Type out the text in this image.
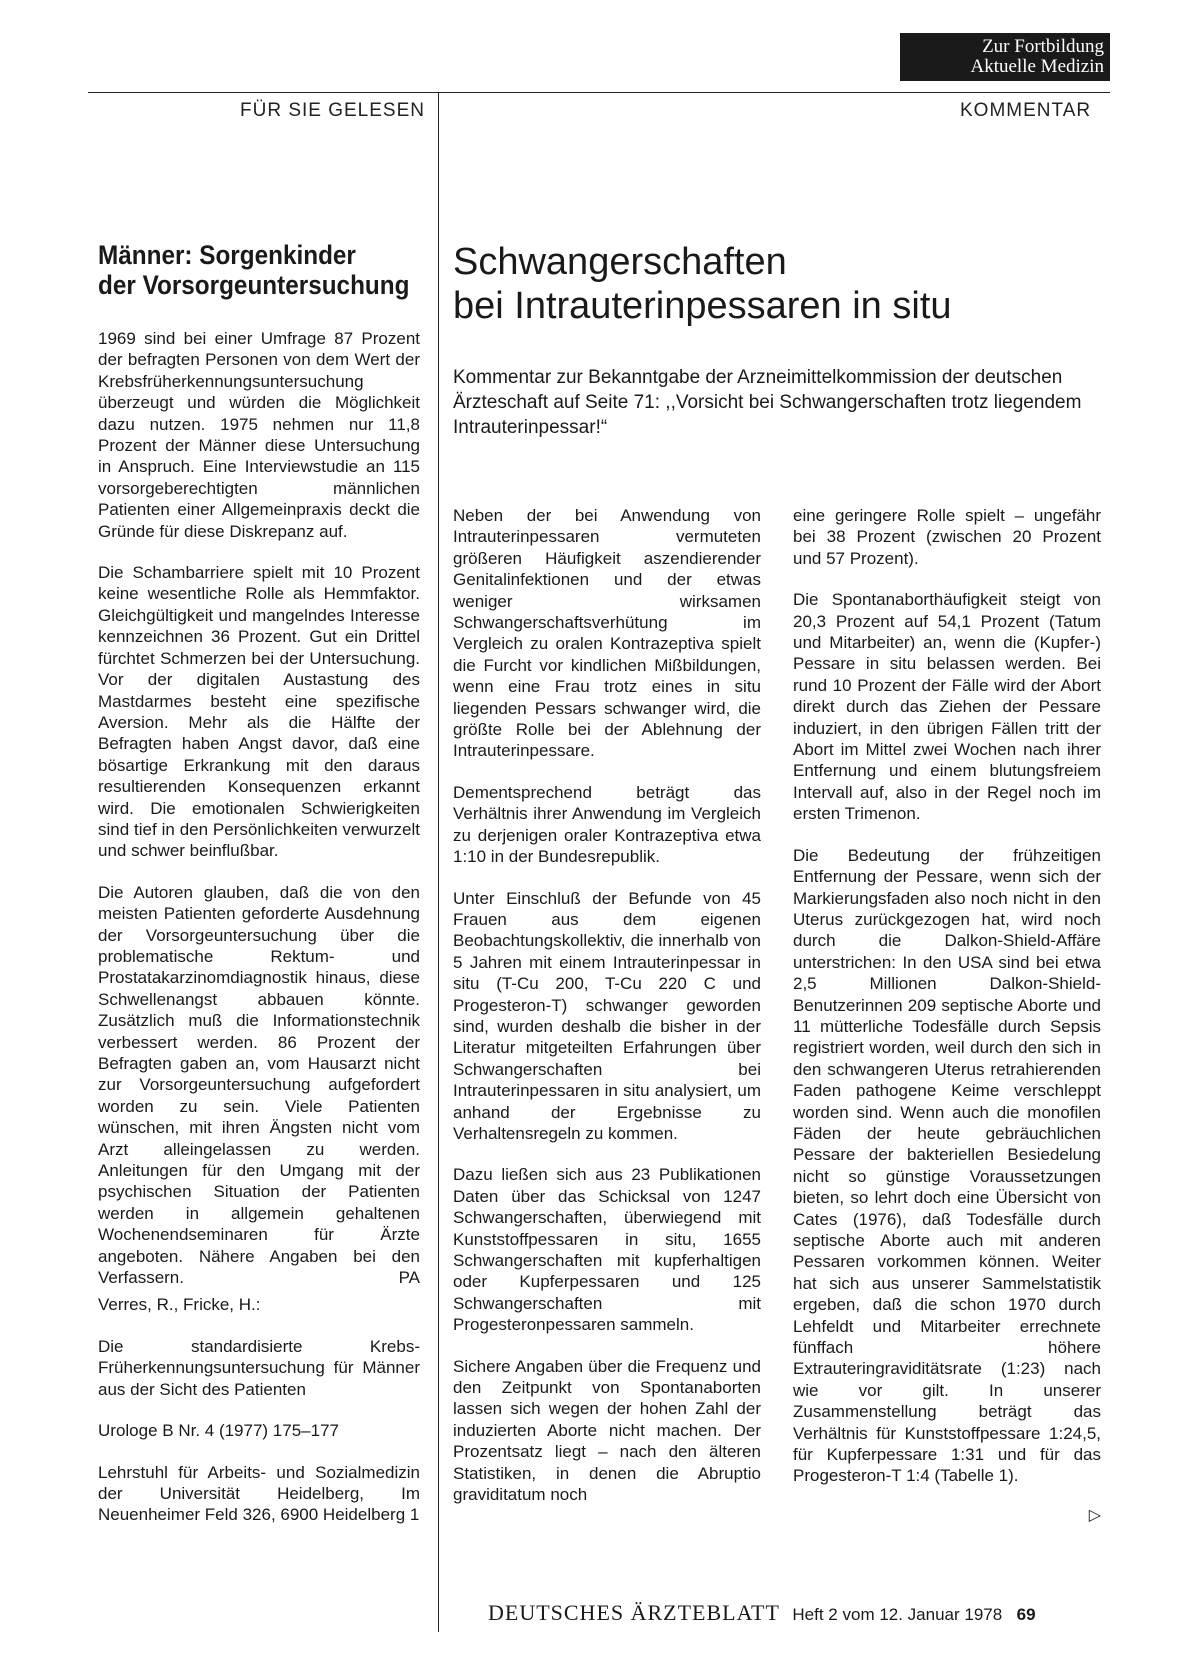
Zur Fortbildung
Aktuelle Medizin
FÜR SIE GELESEN	KOMMENTAR
Männer: Sorgenkinder
der Vorsorgeuntersuchung

1969 sind bei einer Umfrage 87 Prozent der befragten Personen von dem Wert der Krebsfrüherkennungsuntersuchung überzeugt und würden die Möglichkeit dazu nutzen. 1975 nehmen nur 11,8 Prozent der Männer diese Untersuchung in Anspruch. Eine Interviewstudie an 115 vorsorgeberechtigten männlichen Patienten einer Allgemeinpraxis deckt die Gründe für diese Diskrepanz auf.

Die Schambarriere spielt mit 10 Prozent keine wesentliche Rolle als Hemmfaktor. Gleichgültigkeit und mangelndes Interesse kennzeichnen 36 Prozent. Gut ein Drittel fürchtet Schmerzen bei der Untersuchung. Vor der digitalen Austastung des Mastdarmes besteht eine spezifische Aversion. Mehr als die Hälfte der Befragten haben Angst davor, daß eine bösartige Erkrankung mit den daraus resultierenden Konsequenzen erkannt wird. Die emotionalen Schwierigkeiten sind tief in den Persönlichkeiten verwurzelt und schwer beinflußbar.

Die Autoren glauben, daß die von den meisten Patienten geforderte Ausdehnung der Vorsorgeuntersuchung über die problematische Rektum- und Prostatakarzinomdiagnostik hinaus, diese Schwellenangst abbauen könnte. Zusätzlich muß die Informationstechnik verbessert werden. 86 Prozent der Befragten gaben an, vom Hausarzt nicht zur Vorsorgeuntersuchung aufgefordert worden zu sein. Viele Patienten wünschen, mit ihren Ängsten nicht vom Arzt alleingelassen zu werden. Anleitungen für den Umgang mit der psychischen Situation der Patienten werden in allgemein gehaltenen Wochenendseminaren für Ärzte angeboten. Nähere Angaben bei den Verfassern.	PA

Verres, R., Fricke, H.:

Die standardisierte Krebs-Früherkennungsuntersuchung für Männer aus der Sicht des Patienten

Urologe B Nr. 4 (1977) 175–177

Lehrstuhl für Arbeits- und Sozialmedizin der Universität Heidelberg, Im Neuenheimer Feld 326, 6900 Heidelberg 1

Schwangerschaften
bei Intrauterinpessaren in situ

Kommentar zur Bekanntgabe der Arzneimittelkommission der deutschen Ärzteschaft auf Seite 71: ,,Vorsicht bei Schwangerschaften trotz liegendem Intrauterinpessar!“

Neben der bei Anwendung von Intrauterinpessaren vermuteten größeren Häufigkeit aszendierender Genitalinfektionen und der etwas weniger wirksamen Schwangerschaftsverhütung im Vergleich zu oralen Kontrazeptiva spielt die Furcht vor kindlichen Mißbildungen, wenn eine Frau trotz eines in situ liegenden Pessars schwanger wird, die größte Rolle bei der Ablehnung der Intrauterinpessare.

Dementsprechend beträgt das Verhältnis ihrer Anwendung im Vergleich zu derjenigen oraler Kontrazeptiva etwa 1:10 in der Bundesrepublik.

Unter Einschluß der Befunde von 45 Frauen aus dem eigenen Beobachtungskollektiv, die innerhalb von 5 Jahren mit einem Intrauterinpessar in situ (T-Cu 200, T-Cu 220 C und Progesteron-T) schwanger geworden sind, wurden deshalb die bisher in der Literatur mitgeteilten Erfahrungen über Schwangerschaften bei Intrauterinpessaren in situ analysiert, um anhand der Ergebnisse zu Verhaltensregeln zu kommen.

Dazu ließen sich aus 23 Publikationen Daten über das Schicksal von 1247 Schwangerschaften, überwiegend mit Kunststoffpessaren in situ, 1655 Schwangerschaften mit kupferhaltigen oder Kupferpessaren und 125 Schwangerschaften mit Progesteronpessaren sammeln.

Sichere Angaben über die Frequenz und den Zeitpunkt von Spontanaborten lassen sich wegen der hohen Zahl der induzierten Aborte nicht machen. Der Prozentsatz liegt – nach den älteren Statistiken, in denen die Abruptio graviditatum noch

eine geringere Rolle spielt – ungefähr bei 38 Prozent (zwischen 20 Prozent und 57 Prozent).

Die Spontanaborthäufigkeit steigt von 20,3 Prozent auf 54,1 Prozent (Tatum und Mitarbeiter) an, wenn die (Kupfer-) Pessare in situ belassen werden. Bei rund 10 Prozent der Fälle wird der Abort direkt durch das Ziehen der Pessare induziert, in den übrigen Fällen tritt der Abort im Mittel zwei Wochen nach ihrer Entfernung und einem blutungsfreiem Intervall auf, also in der Regel noch im ersten Trimenon.

Die Bedeutung der frühzeitigen Entfernung der Pessare, wenn sich der Markierungsfaden also noch nicht in den Uterus zurückgezogen hat, wird noch durch die Dalkon-Shield-Affäre unterstrichen: In den USA sind bei etwa 2,5 Millionen Dalkon-Shield-Benutzerinnen 209 septische Aborte und 11 mütterliche Todesfälle durch Sepsis registriert worden, weil durch den sich in den schwangeren Uterus retrahierenden Faden pathogene Keime verschleppt worden sind. Wenn auch die monofilen Fäden der heute gebräuchlichen Pessare der bakteriellen Besiedelung nicht so günstige Voraussetzungen bieten, so lehrt doch eine Übersicht von Cates (1976), daß Todesfälle durch septische Aborte auch mit anderen Pessaren vorkommen können. Weiter hat sich aus unserer Sammelstatistik ergeben, daß die schon 1970 durch Lehfeldt und Mitarbeiter errechnete fünffach höhere Extrauteringraviditätsrate (1:23) nach wie vor gilt. In unserer Zusammenstellung beträgt das Verhältnis für Kunststoffpessare 1:24,5, für Kupferpessare 1:31 und für das Progesteron-T 1:4 (Tabelle 1).

▷
DEUTSCHES ÄRZTEBLATT Heft 2 vom 12. Januar 1978 69
